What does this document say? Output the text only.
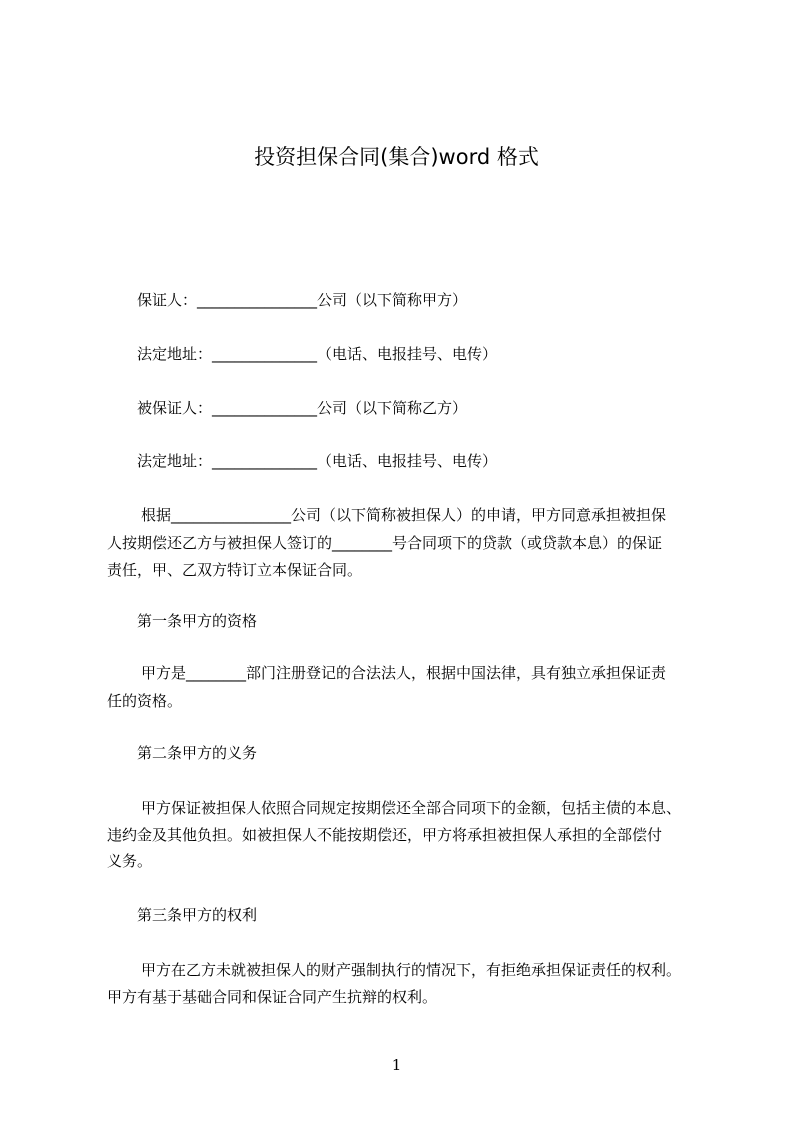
投资担保合同(集合)word 格式
保证人：________________公司（以下简称甲方）
法定地址：______________（电话、电报挂号、电传）
被保证人：______________公司（以下简称乙方）
法定地址：______________（电话、电报挂号、电传）
根据________________公司（以下简称被担保人）的申请，甲方同意承担被担保
人按期偿还乙方与被担保人签订的________号合同项下的贷款（或贷款本息）的保证
责任，甲、乙双方特订立本保证合同。
第一条甲方的资格
甲方是________部门注册登记的合法法人，根据中国法律，具有独立承担保证责
任的资格。
第二条甲方的义务
甲方保证被担保人依照合同规定按期偿还全部合同项下的金额，包括主债的本息、
违约金及其他负担。如被担保人不能按期偿还，甲方将承担被担保人承担的全部偿付
义务。
第三条甲方的权利
甲方在乙方未就被担保人的财产强制执行的情况下，有拒绝承担保证责任的权利。
甲方有基于基础合同和保证合同产生抗辩的权利。
1
